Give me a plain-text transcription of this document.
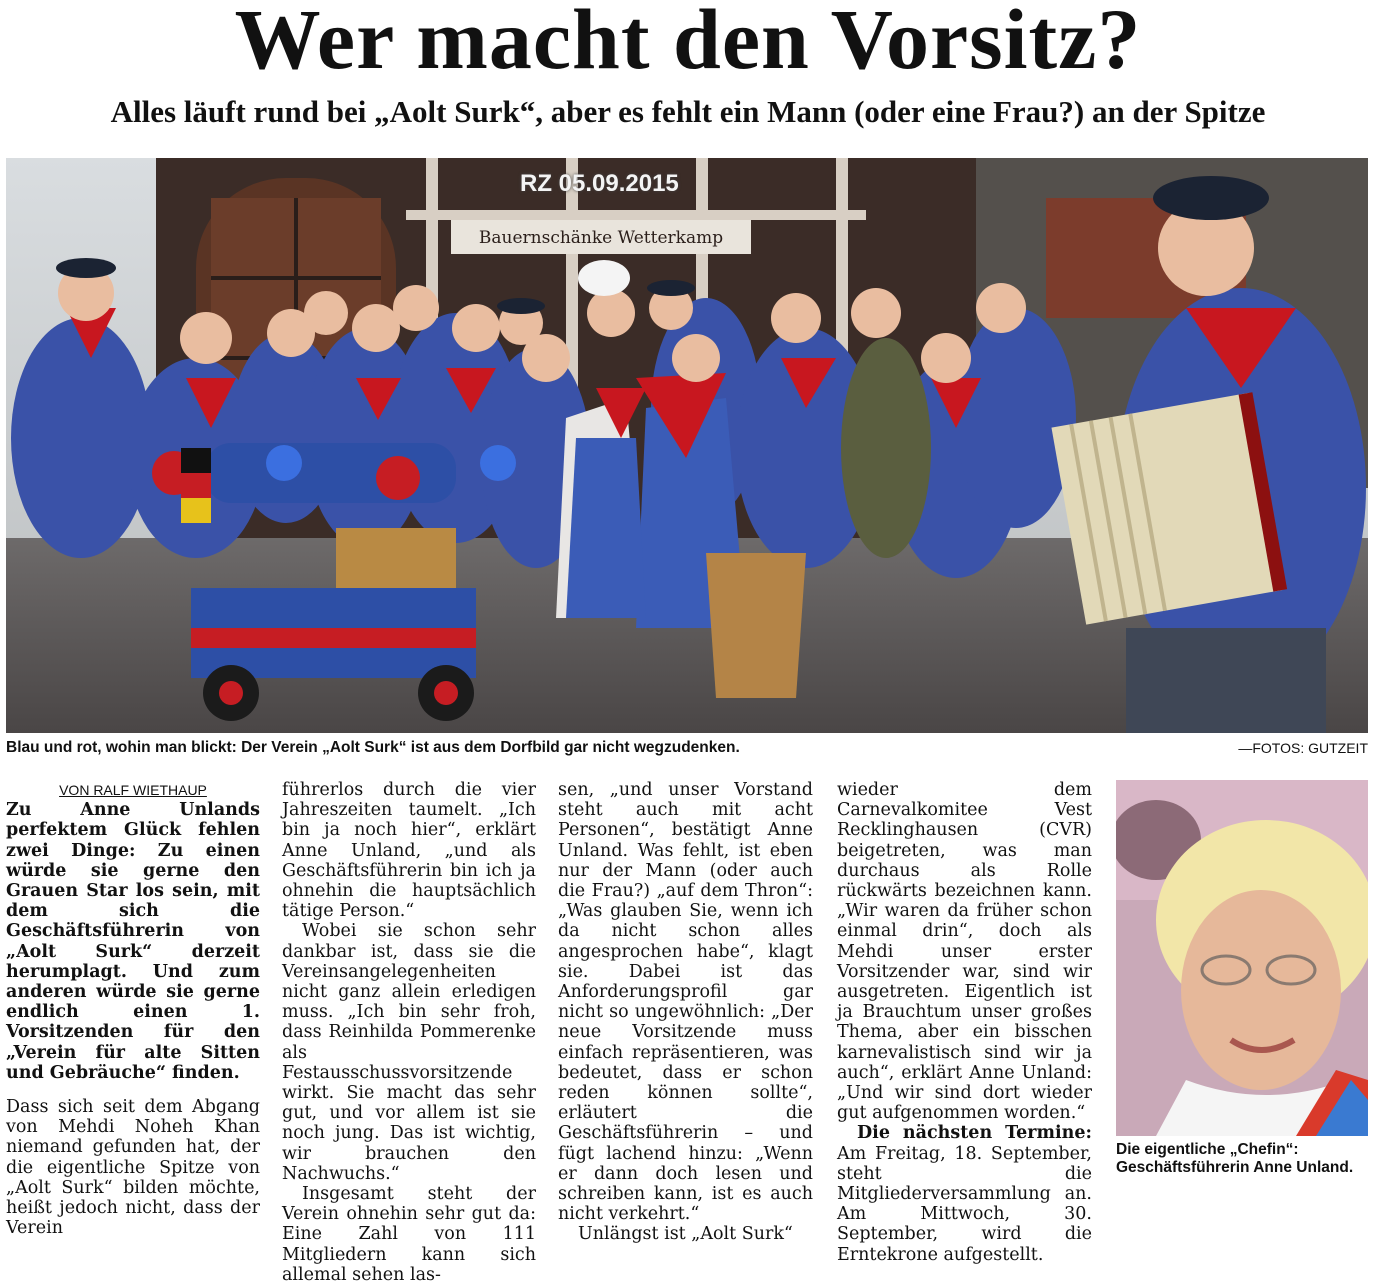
Wer macht den Vorsitz?
Alles läuft rund bei „Aolt Surk“, aber es fehlt ein Mann (oder eine Frau?) an der Spitze
Bauernschänke Wetterkamp
RZ 05.09.2015
Blau und rot, wohin man blickt: Der Verein „Aolt Surk“ ist aus dem Dorfbild gar nicht wegzudenken.	—FOTOS: GUTZEIT

VON RALF WIETHAUP

Zu Anne Unlands perfektem Glück fehlen zwei Dinge: Zu einen würde sie gerne den Grauen Star los sein, mit dem sich die Geschäftsführerin von „Aolt Surk“ derzeit herumplagt. Und zum anderen würde sie gerne endlich einen 1. Vorsitzenden für den „Verein für alte Sitten und Gebräuche“ finden.

Dass sich seit dem Abgang von Mehdi Noheh Khan niemand gefunden hat, der die eigentliche Spitze von „Aolt Surk“ bilden möchte, heißt jedoch nicht, dass der Verein

führerlos durch die vier Jahreszeiten taumelt. „Ich bin ja noch hier“, erklärt Anne Unland, „und als Geschäftsführerin bin ich ja ohnehin die hauptsächlich tätige Person.“

Wobei sie schon sehr dankbar ist, dass sie die Vereinsangelegenheiten nicht ganz allein erledigen muss. „Ich bin sehr froh, dass Reinhilda Pommerenke als Festausschussvorsitzende wirkt. Sie macht das sehr gut, und vor allem ist sie noch jung. Das ist wichtig, wir brauchen den Nachwuchs.“

Insgesamt steht der Verein ohnehin sehr gut da: Eine Zahl von 111 Mitgliedern kann sich allemal sehen las-

sen, „und unser Vorstand steht auch mit acht Personen“, bestätigt Anne Unland. Was fehlt, ist eben nur der Mann (oder auch die Frau?) „auf dem Thron“: „Was glauben Sie, wenn ich da nicht schon alles angesprochen habe“, klagt sie. Dabei ist das Anforderungsprofil gar nicht so ungewöhnlich: „Der neue Vorsitzende muss einfach repräsentieren, was bedeutet, dass er schon reden können sollte“, erläutert die Geschäftsführerin – und fügt lachend hinzu: „Wenn er dann doch lesen und schreiben kann, ist es auch nicht verkehrt.“

Unlängst ist „Aolt Surk“

wieder dem Carnevalkomitee Vest Recklinghausen (CVR) beigetreten, was man durchaus als Rolle rückwärts bezeichnen kann. „Wir waren da früher schon einmal drin“, doch als Mehdi unser erster Vorsitzender war, sind wir ausgetreten. Eigentlich ist ja Brauchtum unser großes Thema, aber ein bisschen karnevalistisch sind wir ja auch“, erklärt Anne Unland: „Und wir sind dort wieder gut aufgenommen worden.“

Die nächsten Termine: Am Freitag, 18. September, steht die Mitgliederversammlung an. Am Mittwoch, 30. September, wird die Erntekrone aufgestellt.

Die eigentliche „Chefin“: Geschäftsführerin Anne Unland.
